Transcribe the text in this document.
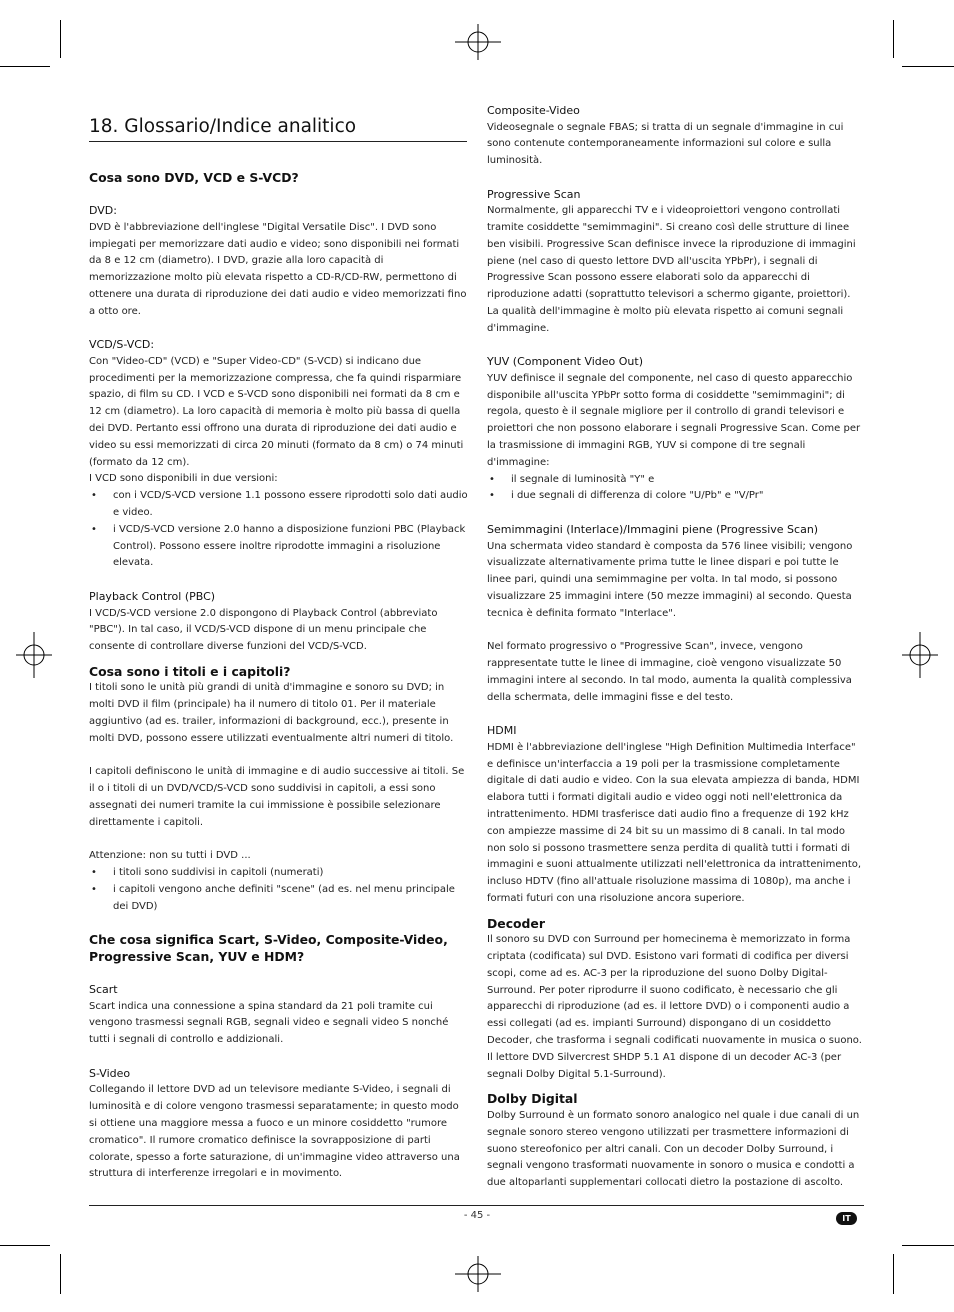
18. Glossario/Indice analitico
Cosa sono DVD, VCD e S-VCD?

DVD:

DVD è l'abbreviazione dell'inglese "Digital Versatile Disc". I DVD sono impiegati per memorizzare dati audio e video; sono disponibili nei formati da 8 e 12 cm (diametro). I DVD, grazie alla loro capacità di memorizzazione molto più elevata rispetto a CD-R/CD-RW, permettono di ottenere una durata di riproduzione dei dati audio e video memorizzati fino a otto ore.

VCD/S-VCD:

Con "Video-CD" (VCD) e "Super Video-CD" (S-VCD) si indicano due procedimenti per la memorizzazione compressa, che fa quindi risparmiare spazio, di film su CD. I VCD e S-VCD sono disponibili nei formati da 8 cm e 12 cm (diametro). La loro capacità di memoria è molto più bassa di quella dei DVD. Pertanto essi offrono una durata di riproduzione dei dati audio e video su essi memorizzati di circa 20 minuti (formato da 8 cm) o 74 minuti (formato da 12 cm).

I VCD sono disponibili in due versioni:

• con i VCD/S-VCD versione 1.1 possono essere riprodotti solo dati audio e video.
• i VCD/S-VCD versione 2.0 hanno a disposizione funzioni PBC (Playback Control). Possono essere inoltre riprodotte immagini a risoluzione elevata.

Playback Control (PBC)

I VCD/S-VCD versione 2.0 dispongono di Playback Control (abbreviato "PBC"). In tal caso, il VCD/S-VCD dispone di un menu principale che consente di controllare diverse funzioni del VCD/S-VCD.

Cosa sono i titoli e i capitoli?

I titoli sono le unità più grandi di unità d'immagine e sonoro su DVD; in molti DVD il film (principale) ha il numero di titolo 01. Per il materiale aggiuntivo (ad es. trailer, informazioni di background, ecc.), presente in molti DVD, possono essere utilizzati eventualmente altri numeri di titolo.

I capitoli definiscono le unità di immagine e di audio successive ai titoli. Se il o i titoli di un DVD/VCD/S-VCD sono suddivisi in capitoli, a essi sono assegnati dei numeri tramite la cui immissione è possibile selezionare direttamente i capitoli.

Attenzione: non su tutti i DVD ...

• i titoli sono suddivisi in capitoli (numerati)
• i capitoli vengono anche definiti "scene" (ad es. nel menu principale dei DVD)
Che cosa significa Scart, S-Video, Composite-Video, Progressive Scan, YUV e HDM?

Scart

Scart indica una connessione a spina standard da 21 poli tramite cui vengono trasmessi segnali RGB, segnali video e segnali video S nonché tutti i segnali di controllo e addizionali.

S-Video

Collegando il lettore DVD ad un televisore mediante S-Video, i segnali di luminosità e di colore vengono trasmessi separatamente; in questo modo si ottiene una maggiore messa a fuoco e un minore cosiddetto "rumore cromatico". Il rumore cromatico definisce la sovrapposizione di parti colorate, spesso a forte saturazione, di un'immagine video attraverso una struttura di interferenze irregolari e in movimento.

Composite-Video

Videosegnale o segnale FBAS; si tratta di un segnale d'immagine in cui sono contenute contemporaneamente informazioni sul colore e sulla luminosità.

Progressive Scan

Normalmente, gli apparecchi TV e i videoproiettori vengono controllati tramite cosiddette "semimmagini". Si creano così delle strutture di linee ben visibili. Progressive Scan definisce invece la riproduzione di immagini piene (nel caso di questo lettore DVD all'uscita YPbPr), i segnali di Progressive Scan possono essere elaborati solo da apparecchi di riproduzione adatti (soprattutto televisori a schermo gigante, proiettori). La qualità dell'immagine è molto più elevata rispetto ai comuni segnali d'immagine.

YUV (Component Video Out)

YUV definisce il segnale del componente, nel caso di questo apparecchio disponibile all'uscita YPbPr sotto forma di cosiddette "semimmagini"; di regola, questo è il segnale migliore per il controllo di grandi televisori e proiettori che non possono elaborare i segnali Progressive Scan. Come per la trasmissione di immagini RGB, YUV si compone di tre segnali d'immagine:

• il segnale di luminosità "Y" e
• i due segnali di differenza di colore "U/Pb" e "V/Pr"

Semimmagini (Interlace)/Immagini piene (Progressive Scan)

Una schermata video standard è composta da 576 linee visibili; vengono visualizzate alternativamente prima tutte le linee dispari e poi tutte le linee pari, quindi una semimmagine per volta. In tal modo, si possono visualizzare 25 immagini intere (50 mezze immagini) al secondo. Questa tecnica è definita formato "Interlace".

Nel formato progressivo o "Progressive Scan", invece, vengono rappresentate tutte le linee di immagine, cioè vengono visualizzate 50 immagini intere al secondo. In tal modo, aumenta la qualità complessiva della schermata, delle immagini fisse e del testo.

HDMI

HDMI è l'abbreviazione dell'inglese "High Definition Multimedia Interface" e definisce un'interfaccia a 19 poli per la trasmissione completamente digitale di dati audio e video. Con la sua elevata ampiezza di banda, HDMI elabora tutti i formati digitali audio e video oggi noti nell'elettronica da intrattenimento. HDMI trasferisce dati audio fino a frequenze di 192 kHz con ampiezze massime di 24 bit su un massimo di 8 canali. In tal modo non solo si possono trasmettere senza perdita di qualità tutti i formati di immagini e suoni attualmente utilizzati nell'elettronica da intrattenimento, incluso HDTV (fino all'attuale risoluzione massima di 1080p), ma anche i formati futuri con una risoluzione ancora superiore.

Decoder

Il sonoro su DVD con Surround per homecinema è memorizzato in forma criptata (codificata) sul DVD. Esistono vari formati di codifica per diversi scopi, come ad es. AC-3 per la riproduzione del suono Dolby Digital-Surround. Per poter riprodurre il suono codificato, è necessario che gli apparecchi di riproduzione (ad es. il lettore DVD) o i componenti audio a essi collegati (ad es. impianti Surround) dispongano di un cosiddetto Decoder, che trasforma i segnali codificati nuovamente in musica o suono.

Il lettore DVD Silvercrest SHDP 5.1 A1 dispone di un decoder AC-3 (per segnali Dolby Digital 5.1-Surround).

Dolby Digital

Dolby Surround è un formato sonoro analogico nel quale i due canali di un segnale sonoro stereo vengono utilizzati per trasmettere informazioni di suono stereofonico per altri canali. Con un decoder Dolby Surround, i segnali vengono trasformati nuovamente in sonoro o musica e condotti a due altoparlanti supplementari collocati dietro la postazione di ascolto.

- 45 -	IT
